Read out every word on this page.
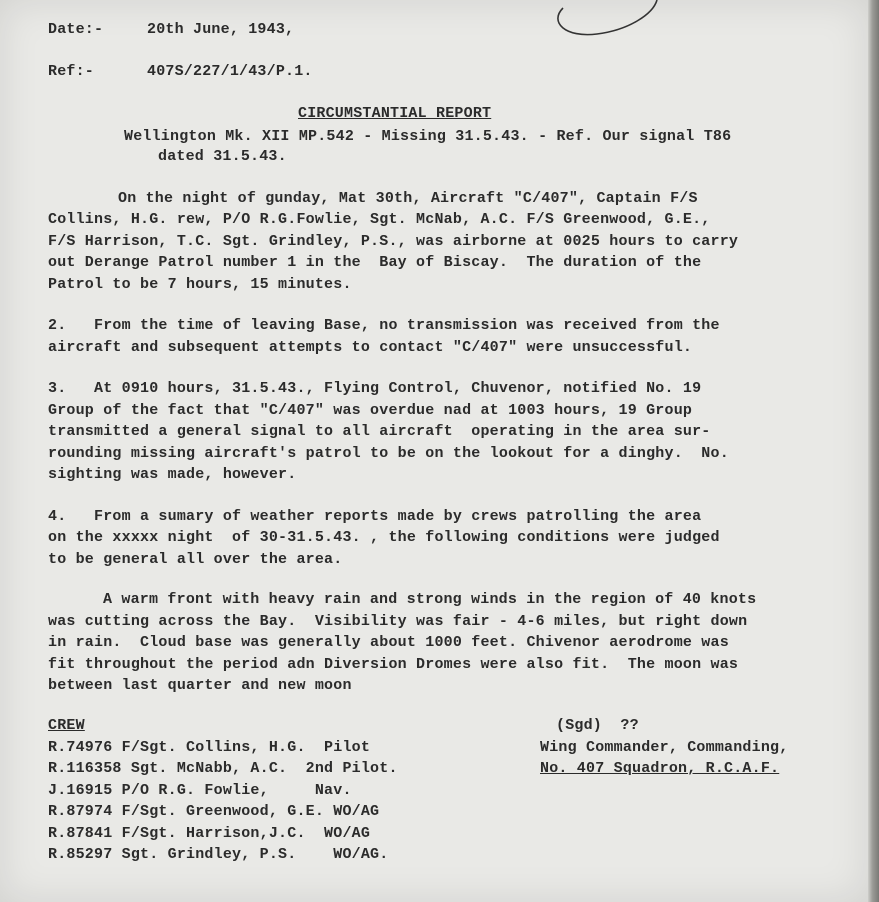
Date:-	20th June, 1943,
Ref:-	407S/227/1/43/P.1.
CIRCUMSTANTIAL REPORT
Wellington Mk. XII MP.542 - Missing 31.5.43. - Ref. Our signal T86
dated 31.5.43.
On the night of gunday, Mat 30th, Aircraft "C/407", Captain F/S
Collins, H.G. rew, P/O R.G.Fowlie, Sgt. McNab, A.C. F/S Greenwood, G.E.,
F/S Harrison, T.C. Sgt. Grindley, P.S., was airborne at 0025 hours to carry
out Derange Patrol number 1 in the  Bay of Biscay.  The duration of the
Patrol to be 7 hours, 15 minutes.
2.   From the time of leaving Base, no transmission was received from the
aircraft and subsequent attempts to contact "C/407" were unsuccessful.
3.   At 0910 hours, 31.5.43., Flying Control, Chuvenor, notified No. 19
Group of the fact that "C/407" was overdue nad at 1003 hours, 19 Group
transmitted a general signal to all aircraft  operating in the area sur-
rounding missing aircraft's patrol to be on the lookout for a dinghy.  No.
sighting was made, however.
4.   From a sumary of weather reports made by crews patrolling the area
on the xxxxx night  of 30-31.5.43. , the following conditions were judged
to be general all over the area.
A warm front with heavy rain and strong winds in the region of 40 knots
was cutting across the Bay.  Visibility was fair - 4-6 miles, but right down
in rain.  Cloud base was generally about 1000 feet. Chivenor aerodrome was
fit throughout the period adn Diversion Dromes were also fit.  The moon was
between last quarter and new moon
CREW
R.74976 F/Sgt. Collins, H.G.  Pilot
R.116358 Sgt. McNabb, A.C.  2nd Pilot.
J.16915 P/O R.G. Fowlie,     Nav.
R.87974 F/Sgt. Greenwood, G.E. WO/AG
R.87841 F/Sgt. Harrison,J.C.  WO/AG
R.85297 Sgt. Grindley, P.S.    WO/AG.
(Sgd)  ??
Wing Commander, Commanding,
No. 407 Squadron, R.C.A.F.
